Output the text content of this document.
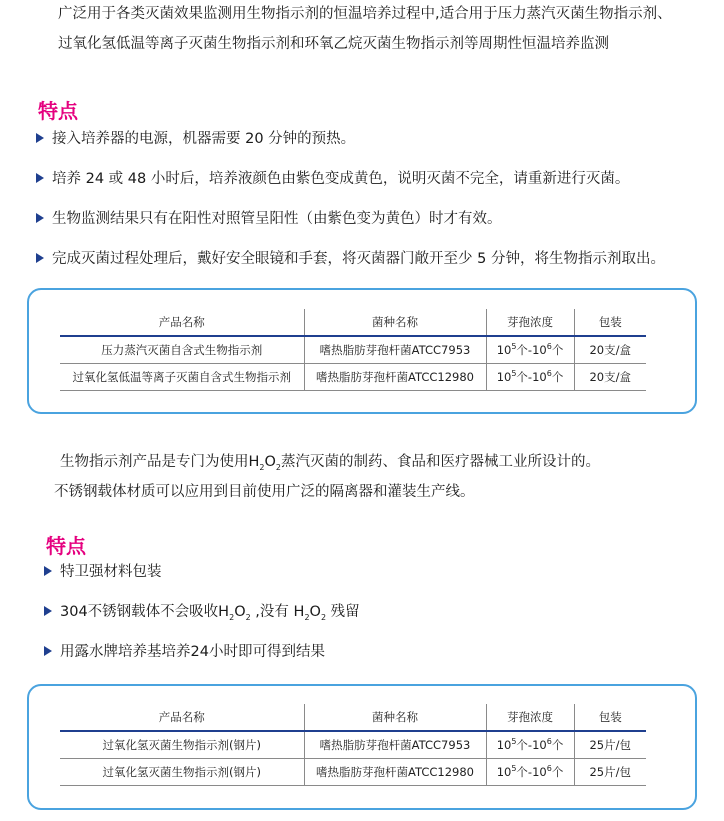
广泛用于各类灭菌效果监测用生物指示剂的恒温培养过程中,适合用于压力蒸汽灭菌生物指示剂、
过氧化氢低温等离子灭菌生物指示剂和环氧乙烷灭菌生物指示剂等周期性恒温培养监测
特点
接入培养器的电源，机器需要 20 分钟的预热。
培养 24 或 48 小时后，培养液颜色由紫色变成黄色，说明灭菌不完全，请重新进行灭菌。
生物监测结果只有在阳性对照管呈阳性（由紫色变为黄色）时才有效。
完成灭菌过程处理后，戴好安全眼镜和手套，将灭菌器门敞开至少 5 分钟，将生物指示剂取出。
产品名称	菌种名称	芽孢浓度	包装
压力蒸汽灭菌自含式生物指示剂	嗜热脂肪芽孢杆菌ATCC7953	$10^5$个$-10^6$个	20支/盒
过氧化氢低温等离子灭菌自含式生物指示剂	嗜热脂肪芽孢杆菌ATCC12980	$10^5$个$-10^6$个	20支/盒
生物指示剂产品是专门为使用$H_2O_2$蒸汽灭菌的制药、食品和医疗器械工业所设计的。
不锈钢载体材质可以应用到目前使用广泛的隔离器和灌装生产线。
特点
特卫强材料包装
304不锈钢载体不会吸收$H_2O_2$ ,没有 $H_2O_2$ 残留
用露水牌培养基培养24小时即可得到结果
产品名称	菌种名称	芽孢浓度	包装
过氧化氢灭菌生物指示剂(钢片)	嗜热脂肪芽孢杆菌ATCC7953	$10^5$个$-10^6$个	25片/包
过氧化氢灭菌生物指示剂(钢片)	嗜热脂肪芽孢杆菌ATCC12980	$10^5$个$-10^6$个	25片/包
